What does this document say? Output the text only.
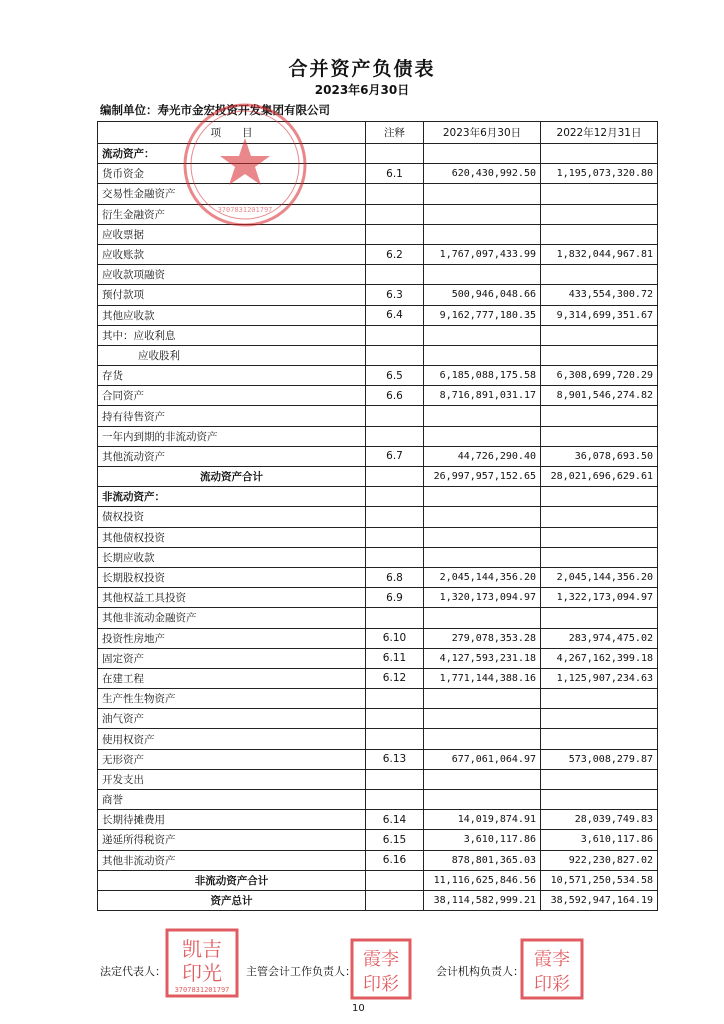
合并资产负债表
2023年6月30日
编制单位：寿光市金宏投资开发集团有限公司
项　　目	注释	2023年6月30日	2022年12月31日
流动资产：			
货币资金	6.1	620,430,992.50	1,195,073,320.80
交易性金融资产			
衍生金融资产			
应收票据			
应收账款	6.2	1,767,097,433.99	1,832,044,967.81
应收款项融资			
预付款项	6.3	500,946,048.66	433,554,300.72
其他应收款	6.4	9,162,777,180.35	9,314,699,351.67
其中：应收利息			
应收股利			
存货	6.5	6,185,088,175.58	6,308,699,720.29
合同资产	6.6	8,716,891,031.17	8,901,546,274.82
持有待售资产			
一年内到期的非流动资产			
其他流动资产	6.7	44,726,290.40	36,078,693.50
流动资产合计		26,997,957,152.65	28,021,696,629.61
非流动资产：			
债权投资			
其他债权投资			
长期应收款			
长期股权投资	6.8	2,045,144,356.20	2,045,144,356.20
其他权益工具投资	6.9	1,320,173,094.97	1,322,173,094.97
其他非流动金融资产			
投资性房地产	6.10	279,078,353.28	283,974,475.02
固定资产	6.11	4,127,593,231.18	4,267,162,399.18
在建工程	6.12	1,771,144,388.16	1,125,907,234.63
生产性生物资产			
油气资产			
使用权资产			
无形资产	6.13	677,061,064.97	573,008,279.87
开发支出			
商誉			
长期待摊费用	6.14	14,019,874.91	28,039,749.83
递延所得税资产	6.15	3,610,117.86	3,610,117.86
其他非流动资产	6.16	878,801,365.03	922,230,827.02
非流动资产合计		11,116,625,846.56	10,571,250,534.58
资产总计		38,114,582,999.21	38,592,947,164.19
3707831201797
法定代表人：	主管会计工作负责人：	会计机构负责人：
凯吉
印光
3707831201797
霞李
印彩
霞李
印彩
10
